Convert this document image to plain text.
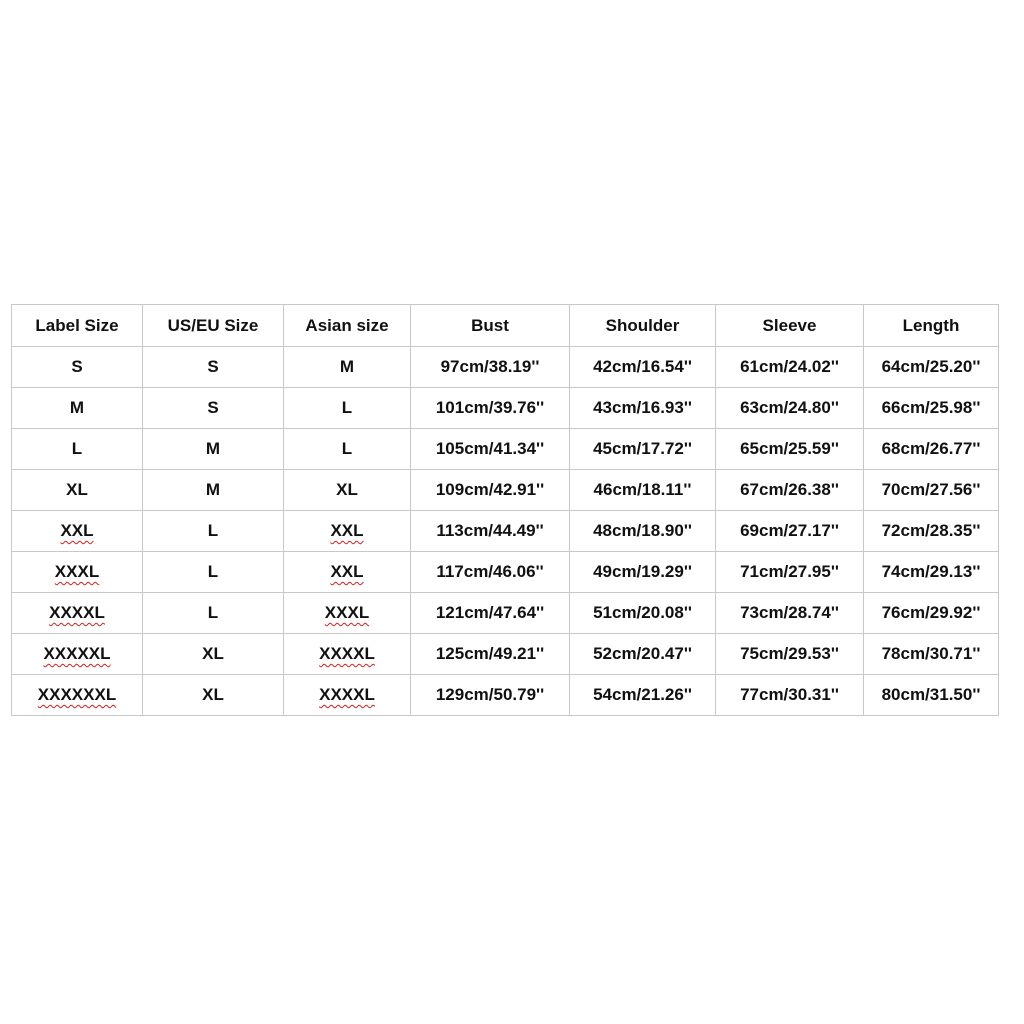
Label Size	US/EU Size	Asian size	Bust	Shoulder	Sleeve	Length
S	S	M	97cm/38.19''	42cm/16.54''	61cm/24.02''	64cm/25.20''
M	S	L	101cm/39.76''	43cm/16.93''	63cm/24.80''	66cm/25.98''
L	M	L	105cm/41.34''	45cm/17.72''	65cm/25.59''	68cm/26.77''
XL	M	XL	109cm/42.91''	46cm/18.11''	67cm/26.38''	70cm/27.56''
XXL	L	XXL	113cm/44.49''	48cm/18.90''	69cm/27.17''	72cm/28.35''
XXXL	L	XXL	117cm/46.06''	49cm/19.29''	71cm/27.95''	74cm/29.13''
XXXXL	L	XXXL	121cm/47.64''	51cm/20.08''	73cm/28.74''	76cm/29.92''
XXXXXL	XL	XXXXL	125cm/49.21''	52cm/20.47''	75cm/29.53''	78cm/30.71''
XXXXXXL	XL	XXXXL	129cm/50.79''	54cm/21.26''	77cm/30.31''	80cm/31.50''
